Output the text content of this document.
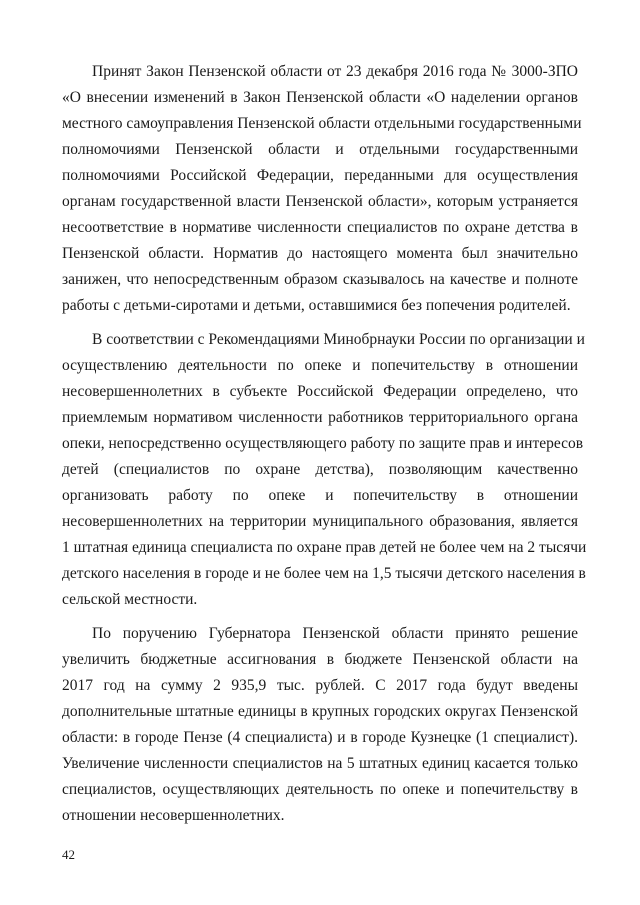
Принят Закон Пензенской области от 23 декабря 2016 года № 3000-ЗПО
«О внесении изменений в Закон Пензенской области «О наделении органов
местного самоуправления Пензенской области отдельными государственными
полномочиями Пензенской области и отдельными государственными
полномочиями Российской Федерации, переданными для осуществления
органам государственной власти Пензенской области», которым устраняется
несоответствие в нормативе численности специалистов по охране детства в
Пензенской области. Норматив до настоящего момента был значительно
занижен, что непосредственным образом сказывалось на качестве и полноте
работы с детьми-сиротами и детьми, оставшимися без попечения родителей.
В соответствии с Рекомендациями Минобрнауки России по организации и
осуществлению деятельности по опеке и попечительству в отношении
несовершеннолетних в субъекте Российской Федерации определено, что
приемлемым нормативом численности работников территориального органа
опеки, непосредственно осуществляющего работу по защите прав и интересов
детей (специалистов по охране детства), позволяющим качественно
организовать работу по опеке и попечительству в отношении
несовершеннолетних на территории муниципального образования, является
1 штатная единица специалиста по охране прав детей не более чем на 2 тысячи
детского населения в городе и не более чем на 1,5 тысячи детского населения в
сельской местности.
По поручению Губернатора Пензенской области принято решение
увеличить бюджетные ассигнования в бюджете Пензенской области на
2017 год на сумму 2 935,9 тыс. рублей. С 2017 года будут введены
дополнительные штатные единицы в крупных городских округах Пензенской
области: в городе Пензе (4 специалиста) и в городе Кузнецке (1 специалист).
Увеличение численности специалистов на 5 штатных единиц касается только
специалистов, осуществляющих деятельность по опеке и попечительству в
отношении несовершеннолетних.
42
